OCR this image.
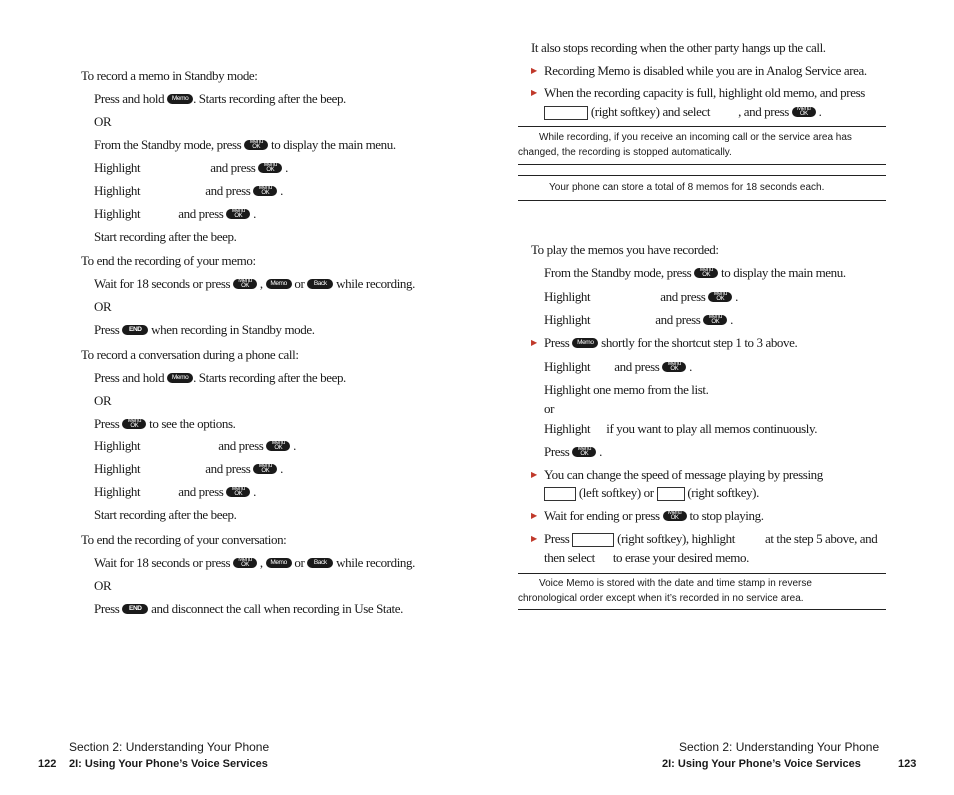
To record a memo in Standby mode:
Press and hold Memo . Starts recording after the beep.
OR
From the Standby mode, press	Menu
OK to display the main menu.
Highlight	and press	Menu
OK .
Highlight	and press	Menu
OK .
Highlight	and press	Menu
OK .
Start recording after the beep.
To end the recording of your memo:
Wait for 18 seconds or press	Menu
OK , Memo or Back while recording.
OR
Press END when recording in Standby mode.
To record a conversation during a phone call:
Press and hold Memo . Starts recording after the beep.
OR
Press	Menu
OK to see the options.
Highlight	and press	Menu
OK .
Highlight	and press	Menu
OK .
Highlight	and press	Menu
OK .
Start recording after the beep.
To end the recording of your conversation:
Wait for 18 seconds or press	Menu
OK , Memo or Back while recording.
OR
Press END and disconnect the call when recording in Use State.
Section 2: Understanding Your Phone
122 2I: Using Your Phone’s Voice Services
It also stops recording when the other party hangs up the call.
▶ Recording Memo is disabled while you are in Analog Service area.
▶ When the recording capacity is full, highlight old memo, and press
(right softkey) and select , and press	Menu
OK .
While recording, if you receive an incoming call or the service area has
changed, the recording is stopped automatically.
Your phone can store a total of 8 memos for 18 seconds each.
To play the memos you have recorded:
From the Standby mode, press	Menu
OK to display the main menu.
Highlight	and press	Menu
OK .
Highlight	and press	Menu
OK .
▶ Press Memo shortly for the shortcut step 1 to 3 above.
Highlight and press	Menu
OK .
Highlight one memo from the list.
or
Highlight if you want to play all memos continuously.
Press	Menu
OK .
▶ You can change the speed of message playing by pressing
(left softkey) or	(right softkey).
▶ Wait for ending or press	Menu
OK to stop playing.
▶ Press	(right softkey), highlight at the step 5 above, and
then select to erase your desired memo.
Voice Memo is stored with the date and time stamp in reverse
chronological order except when it’s recorded in no service area.
Section 2: Understanding Your Phone
2I: Using Your Phone’s Voice Services	123
